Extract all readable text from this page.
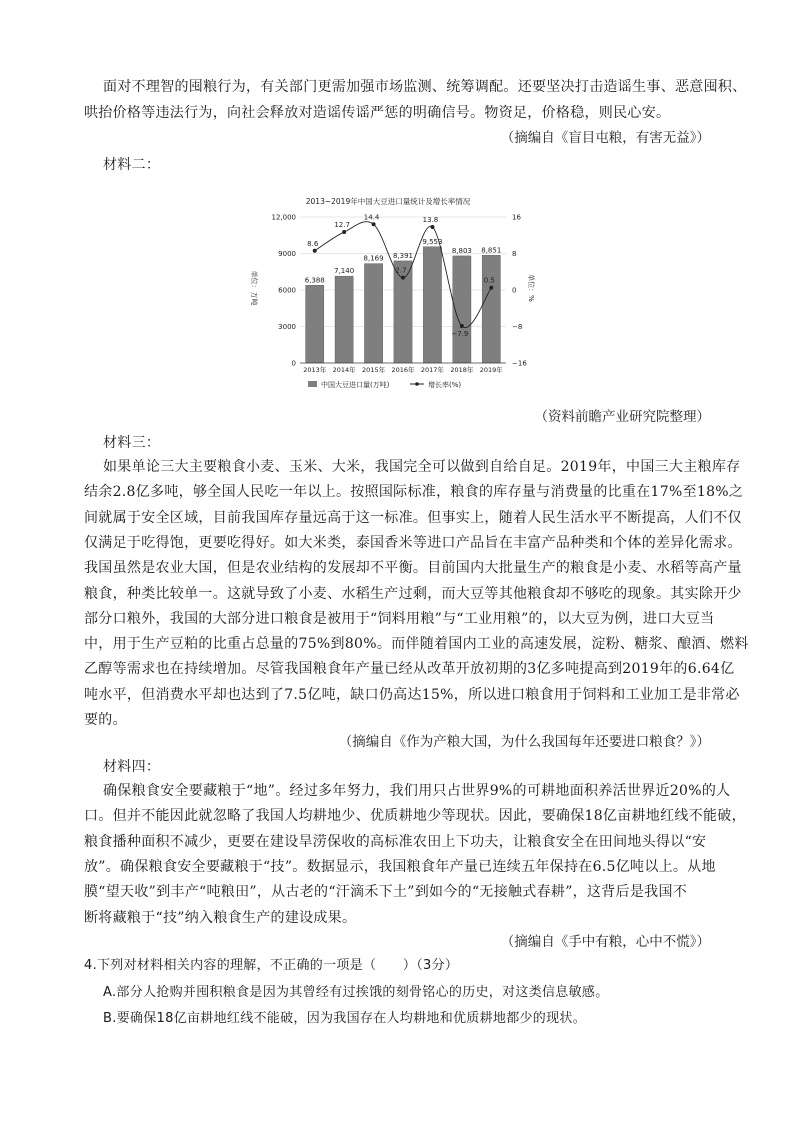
面对不理智的囤粮行为，有关部门更需加强市场监测、统筹调配。还要坚决打击造谣生事、恶意囤积、
哄抬价格等违法行为，向社会释放对造谣传谣严惩的明确信号。物资足，价格稳，则民心安。
（摘编自《盲目屯粮，有害无益》）
材料二：
2013~2019年中国大豆进口量统计及增长率情况
6,388
7,140
8,169 8,391
9,553
8,803 8,851
8.6
12.7
14.4
2.7
13.8
−7.9
0.5
0
3000
6000
9000
12,000
−16
−8
0
8
16
2013年 2014年 2015年 2016年 2017年 2018年 2019年
单位：万吨	单位：%
中国大豆进口量(万吨)	增长率(%)
（资料前瞻产业研究院整理）
材料三：
如果单论三大主要粮食小麦、玉米、大米，我国完全可以做到自给自足。2019年，中国三大主粮库存
结余2.8亿多吨，够全国人民吃一年以上。按照国际标准，粮食的库存量与消费量的比重在17%至18%之
间就属于安全区域，目前我国库存量远高于这一标准。但事实上，随着人民生活水平不断提高，人们不仅
仅满足于吃得饱，更要吃得好。如大米类，泰国香米等进口产品旨在丰富产品种类和个体的差异化需求。
我国虽然是农业大国，但是农业结构的发展却不平衡。目前国内大批量生产的粮食是小麦、水稻等高产量
粮食，种类比较单一。这就导致了小麦、水稻生产过剩，而大豆等其他粮食却不够吃的现象。其实除开少
部分口粮外，我国的大部分进口粮食是被用于“饲料用粮”与“工业用粮”的，以大豆为例，进口大豆当
中，用于生产豆粕的比重占总量的75%到80%。而伴随着国内工业的高速发展，淀粉、糖浆、酿酒、燃料
乙醇等需求也在持续增加。尽管我国粮食年产量已经从改革开放初期的3亿多吨提高到2019年的6.64亿
吨水平，但消费水平却也达到了7.5亿吨，缺口仍高达15%，所以进口粮食用于饲料和工业加工是非常必
要的。
（摘编自《作为产粮大国，为什么我国每年还要进口粮食？》）
材料四：
确保粮食安全要藏粮于“地”。经过多年努力，我们用只占世界9%的可耕地面积养活世界近20%的人
口。但并不能因此就忽略了我国人均耕地少、优质耕地少等现状。因此，要确保18亿亩耕地红线不能破，
粮食播种面积不减少，更要在建设旱涝保收的高标准农田上下功夫，让粮食安全在田间地头得以“安
放”。确保粮食安全要藏粮于“技”。数据显示，我国粮食年产量已连续五年保持在6.5亿吨以上。从地
膜“望天收”到丰产“吨粮田”，从古老的“汗滴禾下土”到如今的“无接触式春耕”，这背后是我国不
断将藏粮于“技”纳入粮食生产的建设成果。
（摘编自《手中有粮，心中不慌》）
4.下列对材料相关内容的理解，不正确的一项是（　　）（3分）
A.部分人抢购并囤积粮食是因为其曾经有过挨饿的刻骨铭心的历史，对这类信息敏感。
B.要确保18亿亩耕地红线不能破，因为我国存在人均耕地和优质耕地都少的现状。
